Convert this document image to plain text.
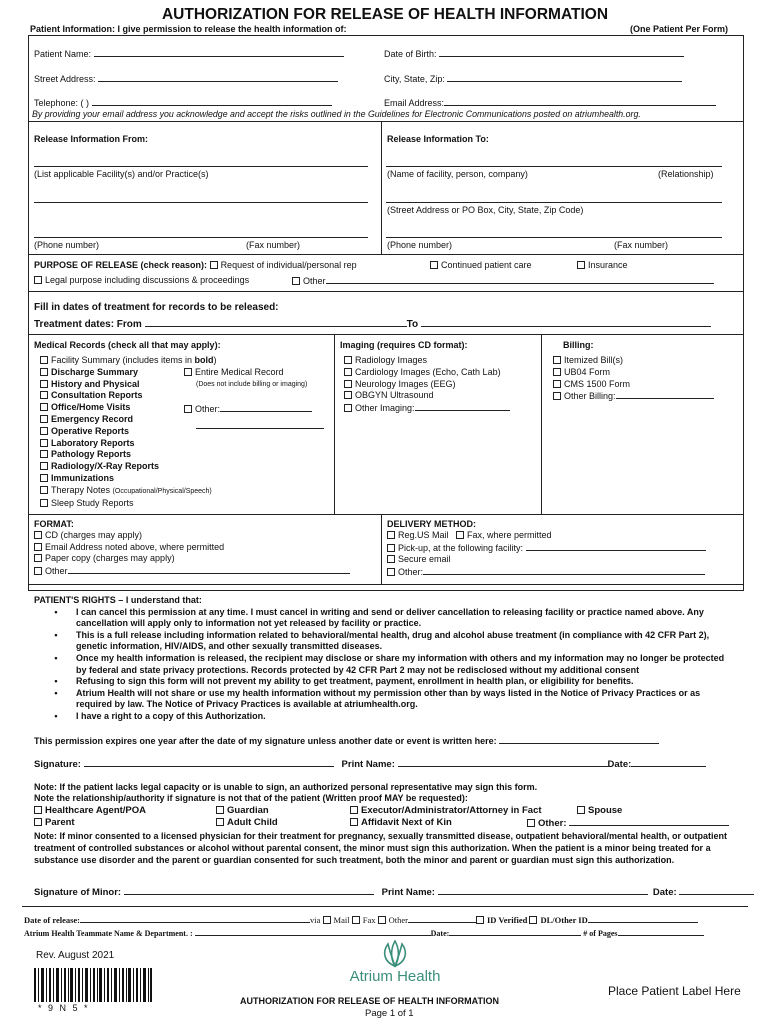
AUTHORIZATION FOR RELEASE OF HEALTH INFORMATION
Patient Information: I give permission to release the health information of:	(One Patient Per Form)
Patient Name:	Date of Birth:
Street Address:	City, State, Zip:
Telephone: ( )	Email Address:
By providing your email address you acknowledge and accept the risks outlined in the Guidelines for Electronic Communications posted on atriumhealth.org.
Release Information From:	Release Information To:
(List applicable Facility(s) and/or Practice(s)	(Name of facility, person, company)	(Relationship)
(Street Address or PO Box, City, State, Zip Code)
(Phone number)	(Fax number)	(Phone number)	(Fax number)
PURPOSE OF RELEASE (check reason): Request of individual/personal rep	Continued patient care	Insurance
Legal purpose including discussions & proceedings	Other
Fill in dates of treatment for records to be released:
Treatment dates: From	To
Medical Records (check all that may apply):	Imaging (requires CD format):	Billing:
Facility Summary (includes items in bold)
Discharge Summary
History and Physical
Consultation Reports
Office/Home Visits
Emergency Record
Operative Reports
Laboratory Reports
Pathology Reports
Radiology/X-Ray Reports
Immunizations
Therapy Notes (Occupational/Physical/Speech)
Sleep Study Reports
Entire Medical Record
(Does not include billing or imaging)
Other:
Radiology Images
Cardiology Images (Echo, Cath Lab)
Neurology Images (EEG)
OBGYN Ultrasound
Other Imaging:
Itemized Bill(s)
UB04 Form
CMS 1500 Form
Other Billing:
FORMAT:
CD (charges may apply)
Email Address noted above, where permitted
Paper copy (charges may apply)
Other
DELIVERY METHOD:
Reg.US Mail Fax, where permitted
Pick-up, at the following facility:
Secure email
Other:
PATIENT'S RIGHTS – I understand that:
•	I can cancel this permission at any time. I must cancel in writing and send or deliver cancellation to releasing facility or practice named above. Any cancellation will apply only to information not yet released by facility or practice.
•	This is a full release including information related to behavioral/mental health, drug and alcohol abuse treatment (in compliance with 42 CFR Part 2), genetic information, HIV/AIDS, and other sexually transmitted diseases.
•	Once my health information is released, the recipient may disclose or share my information with others and my information may no longer be protected by federal and state privacy protections. Records protected by 42 CFR Part 2 may not be redisclosed without my additional consent
•	Refusing to sign this form will not prevent my ability to get treatment, payment, enrollment in health plan, or eligibility for benefits.
•	Atrium Health will not share or use my health information without my permission other than by ways listed in the Notice of Privacy Practices or as required by law. The Notice of Privacy Practices is available at atriumhealth.org.
•	I have a right to a copy of this Authorization.
This permission expires one year after the date of my signature unless another date or event is written here:
Signature:	Print Name:	Date:
Note: If the patient lacks legal capacity or is unable to sign, an authorized personal representative may sign this form.
Note the relationship/authority if signature is not that of the patient (Written proof MAY be requested):
Healthcare Agent/POA	Guardian	Executor/Administrator/Attorney in Fact	Spouse
Parent	Adult Child	Affidavit Next of Kin	Other:
Note: If minor consented to a licensed physician for their treatment for pregnancy, sexually transmitted disease, outpatient behavioral/mental health, or outpatient treatment of controlled substances or alcohol without parental consent, the minor must sign this authorization. When the patient is a minor being treated for a substance use disorder and the parent or guardian consented for such treatment, both the minor and parent or guardian must sign this authorization.
Signature of Minor:	Print Name:	Date:
Date of release:	via Mail Fax Other	ID Verified DL/Other ID
Atrium Health Teammate Name & Department. :	Date:	# of Pages
Rev. August 2021
* 9 N 5 *
Atrium Health
AUTHORIZATION FOR RELEASE OF HEALTH INFORMATION
Page 1 of 1
Place Patient Label Here
